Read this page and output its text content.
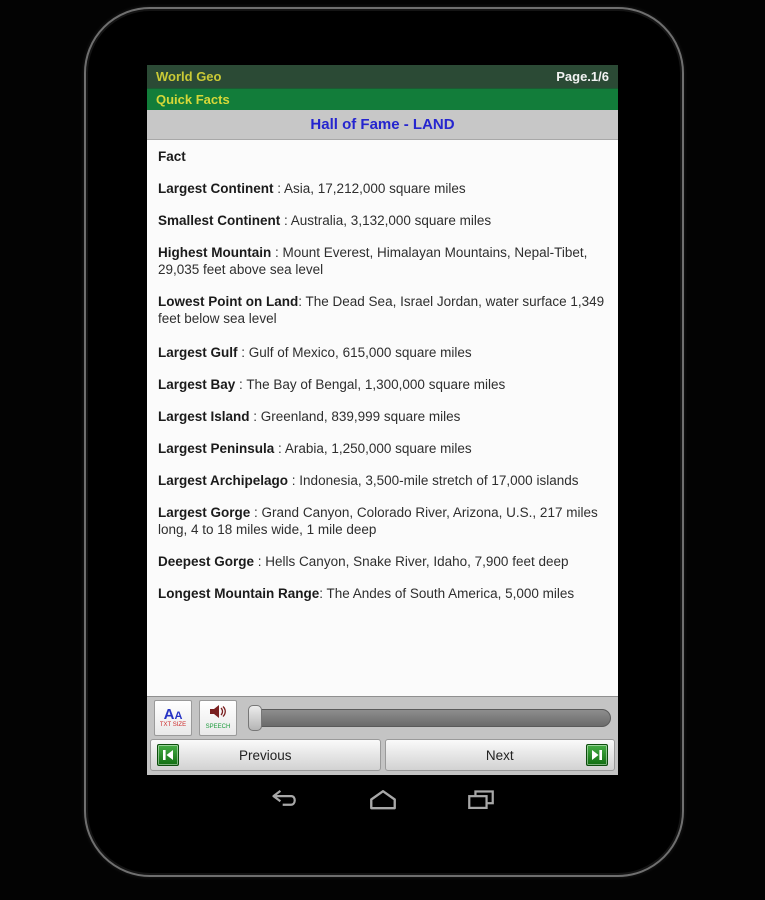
World Geo	Page.1/6
Quick Facts
Hall of Fame - LAND
Fact
Largest Continent : Asia, 17,212,000 square miles
Smallest Continent : Australia, 3,132,000 square miles
Highest Mountain : Mount Everest, Himalayan Mountains, Nepal-Tibet, 29,035 feet above sea level
Lowest Point on Land: The Dead Sea, Israel Jordan, water surface 1,349 feet below sea level
Largest Gulf : Gulf of Mexico, 615,000 square miles
Largest Bay : The Bay of Bengal, 1,300,000 square miles
Largest Island : Greenland, 839,999 square miles
Largest Peninsula : Arabia, 1,250,000 square miles
Largest Archipelago : Indonesia, 3,500-mile stretch of 17,000 islands
Largest Gorge : Grand Canyon, Colorado River, Arizona, U.S., 217 miles long, 4 to 18 miles wide, 1 mile deep
Deepest Gorge : Hells Canyon, Snake River, Idaho, 7,900 feet deep
Longest Mountain Range: The Andes of South America, 5,000 miles
Aa
TXT SIZE	SPEECH
Previous	Next
